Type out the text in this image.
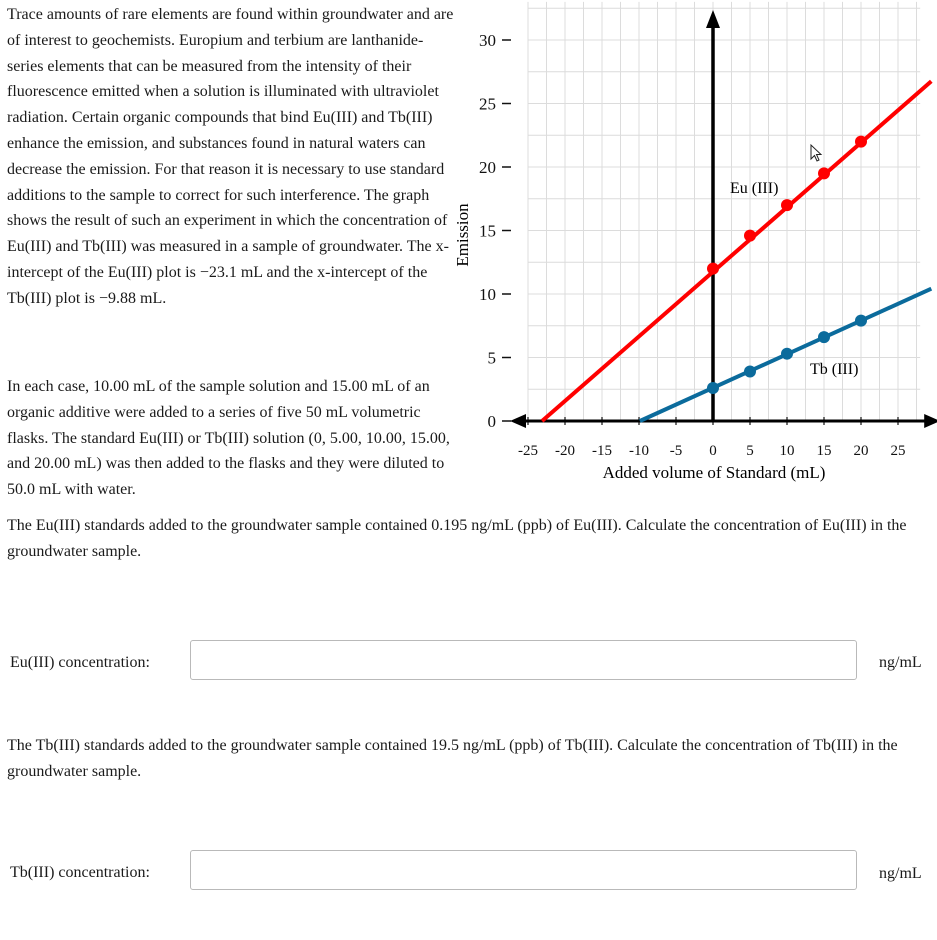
Trace amounts of rare elements are found within groundwater and are of interest to geochemists. Europium and terbium are lanthanide-series elements that can be measured from the intensity of their fluorescence emitted when a solution is illuminated with ultraviolet radiation. Certain organic compounds that bind Eu(III) and Tb(III) enhance the emission, and substances found in natural waters can decrease the emission. For that reason it is necessary to use standard additions to the sample to correct for such interference. The graph shows the result of such an experiment in which the concentration of Eu(III) and Tb(III) was measured in a sample of groundwater. The x-intercept of the Eu(III) plot is −23.1 mL and the x-intercept of the Tb(III) plot is −9.88 mL.

In each case, 10.00 mL of the sample solution and 15.00 mL of an organic additive were added to a series of five 50 mL volumetric flasks. The standard Eu(III) or Tb(III) solution (0, 5.00, 10.00, 15.00, and 20.00 mL) was then added to the flasks and they were diluted to 50.0 mL with water.

0
5
10
15
20
25
30
-25 -20 -15 -10 -5 0 5 10 15 20 25
Emission
Added volume of Standard (mL)
Eu (III)
Tb (III)

The Eu(III) standards added to the groundwater sample contained 0.195 ng/mL (ppb) of Eu(III). Calculate the concentration of Eu(III) in the groundwater sample.

Eu(III) concentration:	ng/mL

The Tb(III) standards added to the groundwater sample contained 19.5 ng/mL (ppb) of Tb(III). Calculate the concentration of Tb(III) in the groundwater sample.

Tb(III) concentration:	ng/mL
